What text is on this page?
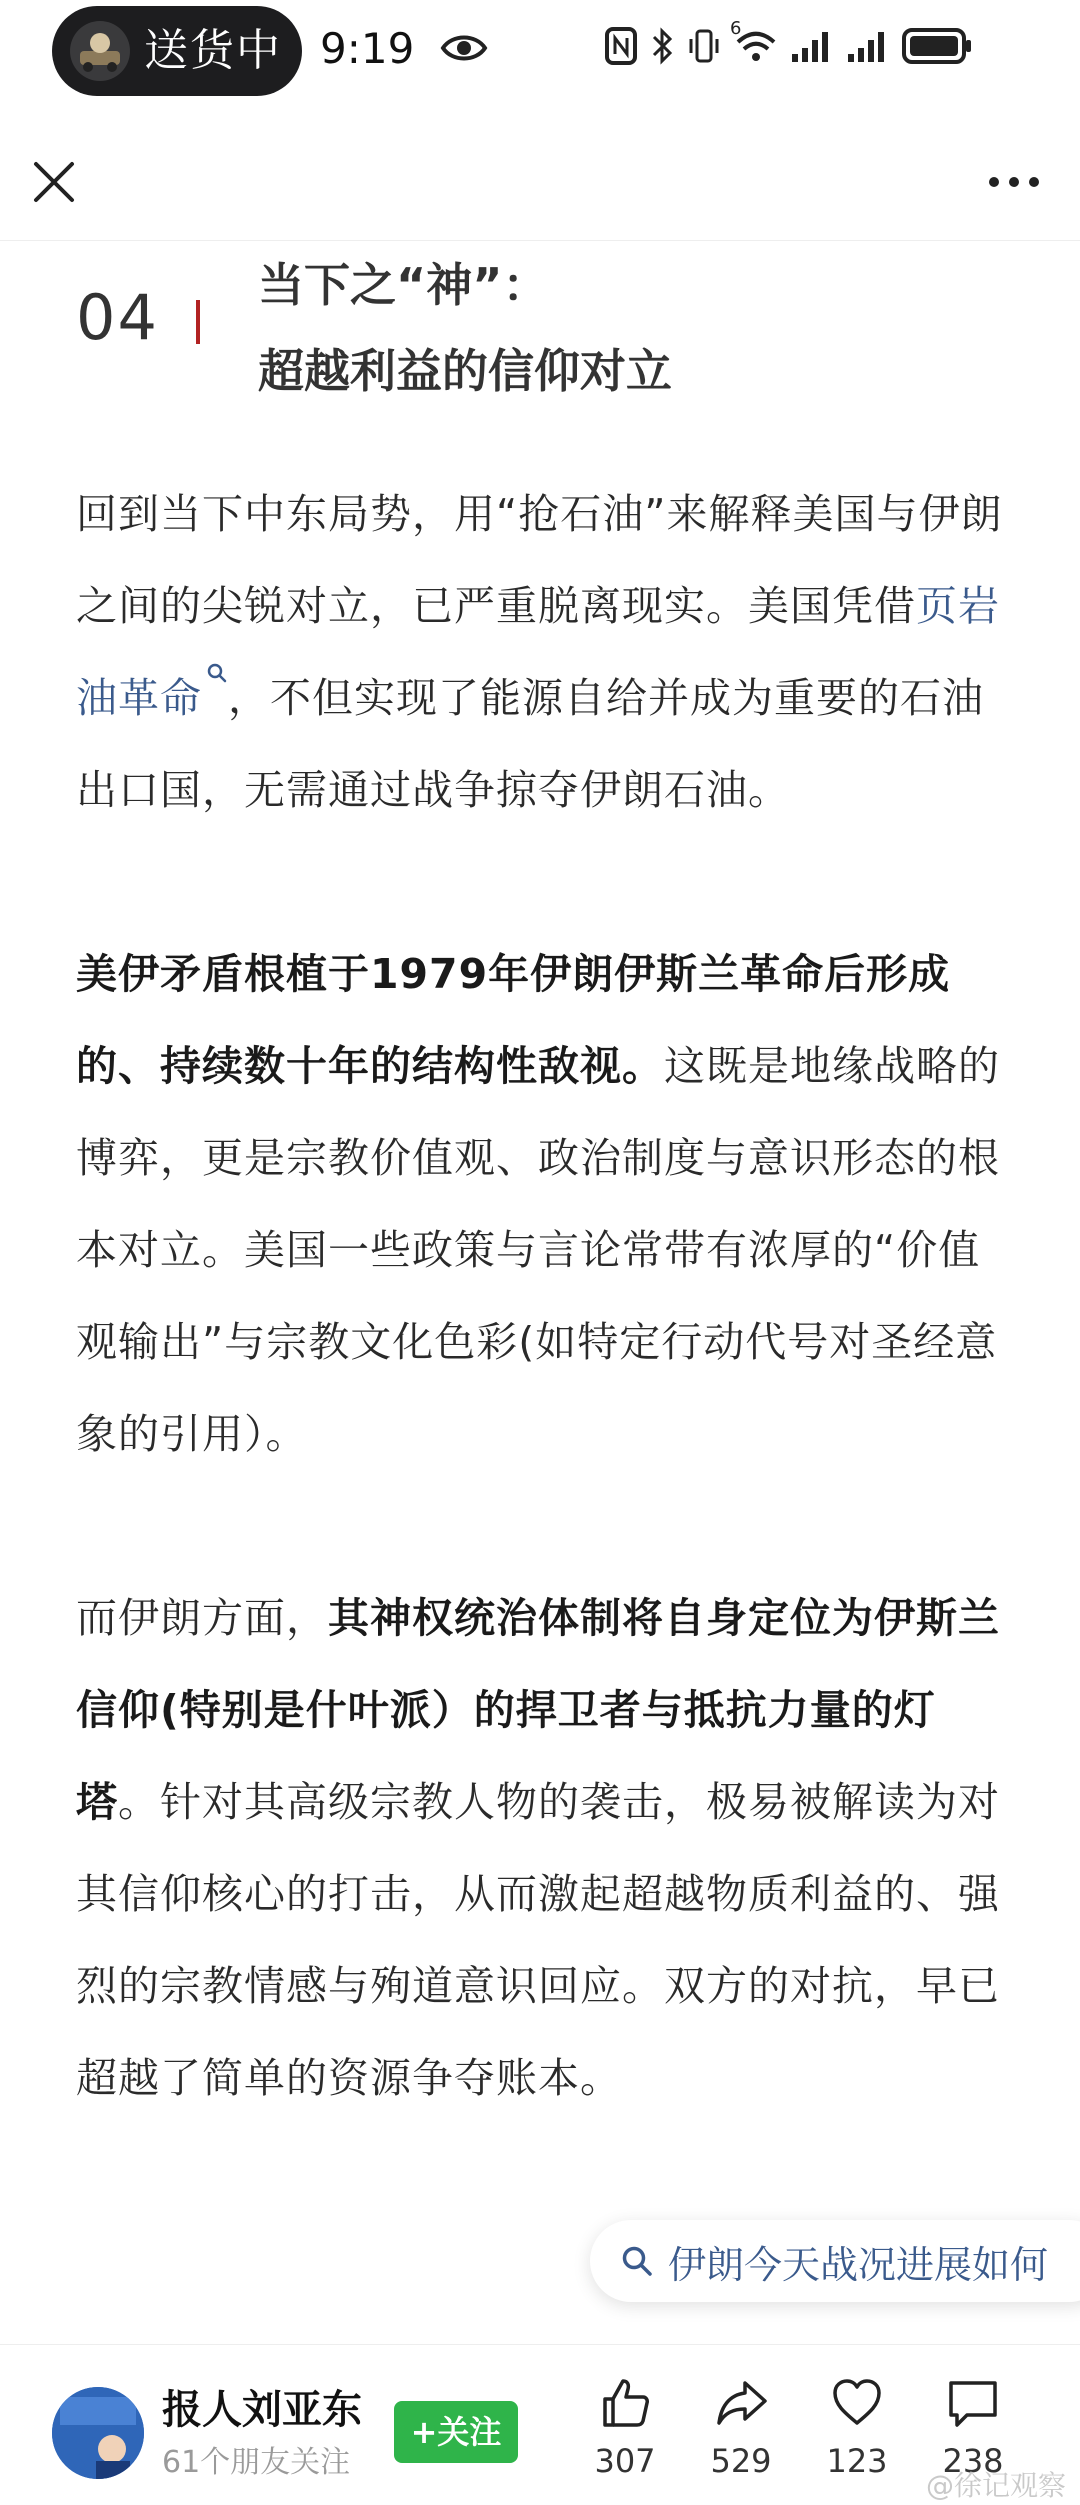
送货中 9:19	6
04 当下之“神”：
超越利益的信仰对立

回到当下中东局势，用“抢石油”来解释美国与伊朗之间的尖锐对立，已严重脱离现实。美国凭借页岩油革命 ，不但实现了能源自给并成为重要的石油出口国，无需通过战争掠夺伊朗石油。

美伊矛盾根植于1979年伊朗伊斯兰革命后形成的、持续数十年的结构性敌视。这既是地缘战略的博弈，更是宗教价值观、政治制度与意识形态的根本对立。美国一些政策与言论常带有浓厚的“价值观输出”与宗教文化色彩(如特定行动代号对圣经意象的引用）。

而伊朗方面，其神权统治体制将自身定位为伊斯兰信仰(特别是什叶派）的捍卫者与抵抗力量的灯塔。针对其高级宗教人物的袭击，极易被解读为对其信仰核心的打击，从而激起超越物质利益的、强烈的宗教情感与殉道意识回应。双方的对抗，早已超越了简单的资源争夺账本。

伊朗今天战况进展如何
报人刘亚东
61个朋友关注
+关注
307	529	123	238
@徐记观察
